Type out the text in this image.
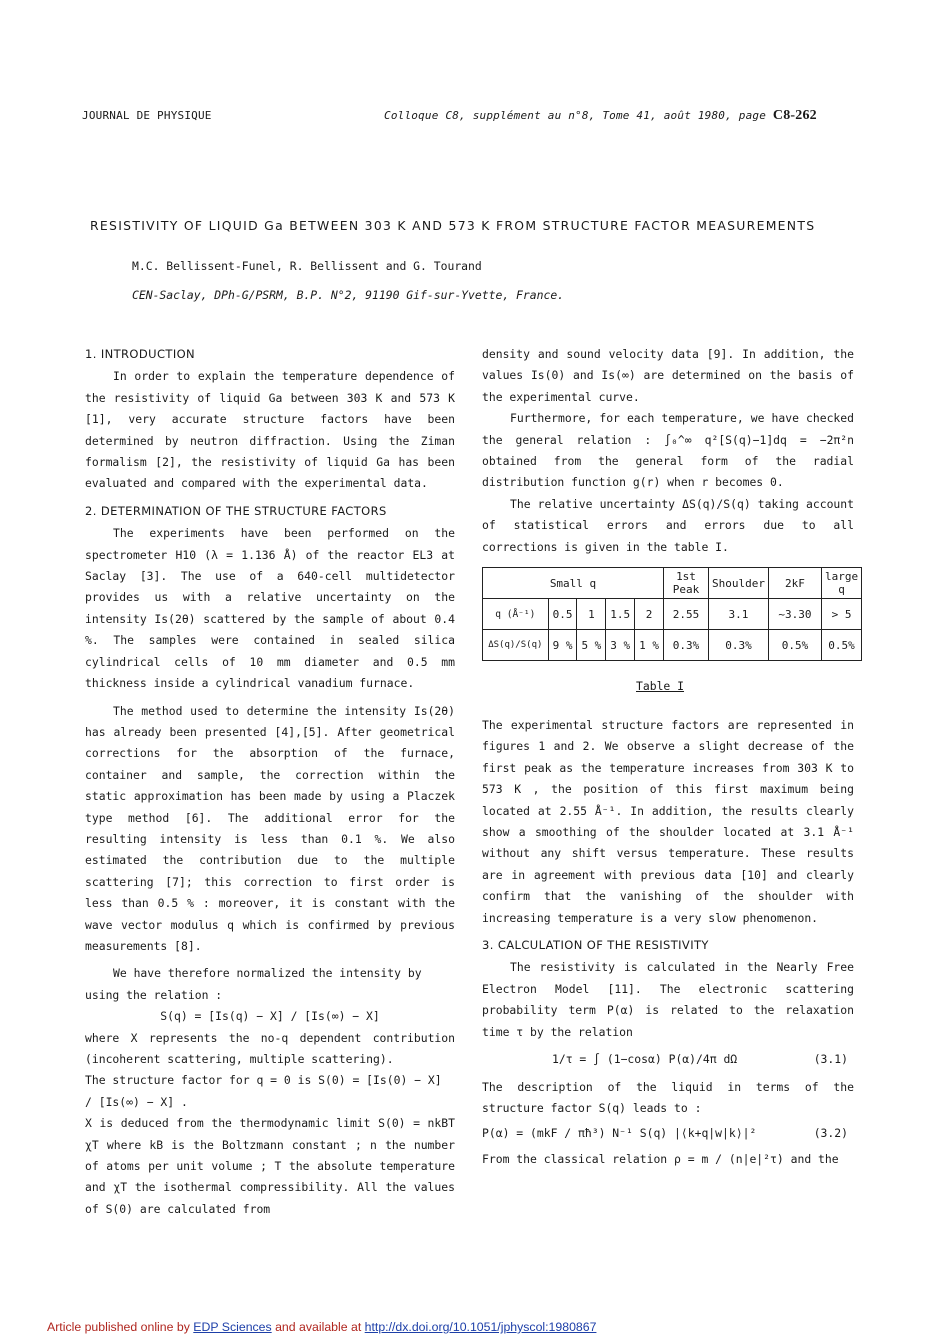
JOURNAL DE PHYSIQUE	Colloque C8, supplément au n°8, Tome 41, août 1980, page C8-262
RESISTIVITY OF LIQUID Ga BETWEEN 303 K AND 573 K FROM STRUCTURE FACTOR MEASUREMENTS
M.C. Bellissent-Funel, R. Bellissent and G. Tourand
CEN-Saclay, DPh-G/PSRM, B.P. N°2, 91190 Gif-sur-Yvette, France.

1. INTRODUCTION

In order to explain the temperature dependence of the resistivity of liquid Ga between 303 K and 573 K [1], very accurate structure factors have been determined by neutron diffraction. Using the Ziman formalism [2], the resistivity of liquid Ga has been evaluated and compared with the experimental data.

2. DETERMINATION OF THE STRUCTURE FACTORS

The experiments have been performed on the spectrometer H10 (λ = 1.136 Å) of the reactor EL3 at Saclay [3]. The use of a 640-cell multidetector provides us with a relative uncertainty on the intensity Is(2θ) scattered by the sample of about 0.4 %. The samples were contained in sealed silica cylindrical cells of 10 mm diameter and 0.5 mm thickness inside a cylindrical vanadium furnace.

The method used to determine the intensity Is(2θ) has already been presented [4],[5]. After geometrical corrections for the absorption of the furnace, container and sample, the correction within the static approximation has been made by using a Placzek type method [6]. The additional error for the resulting intensity is less than 0.1 %. We also estimated the contribution due to the multiple scattering [7]; this correction to first order is less than 0.5 % : moreover, it is constant with the wave vector modulus q which is confirmed by previous measurements [8].

We have therefore normalized the intensity by using the relation :

S(q) = [Is(q) − X] / [Is(∞) − X]

where X represents the no-q dependent contribution (incoherent scattering, multiple scattering).

The structure factor for q = 0 is S(0) = [Is(0) − X] / [Is(∞) − X] .

X is deduced from the thermodynamic limit S(0) = nkBT χT where kB is the Boltzmann constant ; n the number of atoms per unit volume ; T the absolute temperature and χT the isothermal compressibility. All the values of S(0) are calculated from

density and sound velocity data [9]. In addition, the values Is(0) and Is(∞) are determined on the basis of the experimental curve.

Furthermore, for each temperature, we have checked the general relation : ∫₀^∞ q²[S(q)−1]dq = −2π²n obtained from the general form of the radial distribution function g(r) when r becomes 0.

The relative uncertainty ΔS(q)/S(q) taking account of statistical errors and errors due to all corrections is given in the table I.

Small q					1st Peak	Shoulder	2kF	large q
q (Å⁻¹)	0.5	1	1.5	2	2.55	3.1	~3.30	> 5
ΔS(q)/S(q)	9 %	5 %	3 %	1 %	0.3%	0.3%	0.5%	0.5%
Table I

The experimental structure factors are represented in figures 1 and 2. We observe a slight decrease of the first peak as the temperature increases from 303 K to 573 K , the position of this first maximum being located at 2.55 Å⁻¹. In addition, the results clearly show a smoothing of the shoulder located at 3.1 Å⁻¹ without any shift versus temperature. These results are in agreement with previous data [10] and clearly confirm that the vanishing of the shoulder with increasing temperature is a very slow phenomenon.

3. CALCULATION OF THE RESISTIVITY

The resistivity is calculated in the Nearly Free Electron Model [11]. The electronic scattering probability term P(α) is related to the relaxation time τ by the relation

1/τ = ∫ (1−cosα) P(α)/4π dΩ	(3.1)

The description of the liquid in terms of the structure factor S(q) leads to :

P(α) = (mkF / πħ³) N⁻¹ S(q) |⟨k+q|w|k⟩|²	(3.2)

From the classical relation ρ = m / (n|e|²τ) and the

Article published online by EDP Sciences and available at http://dx.doi.org/10.1051/jphyscol:1980867
